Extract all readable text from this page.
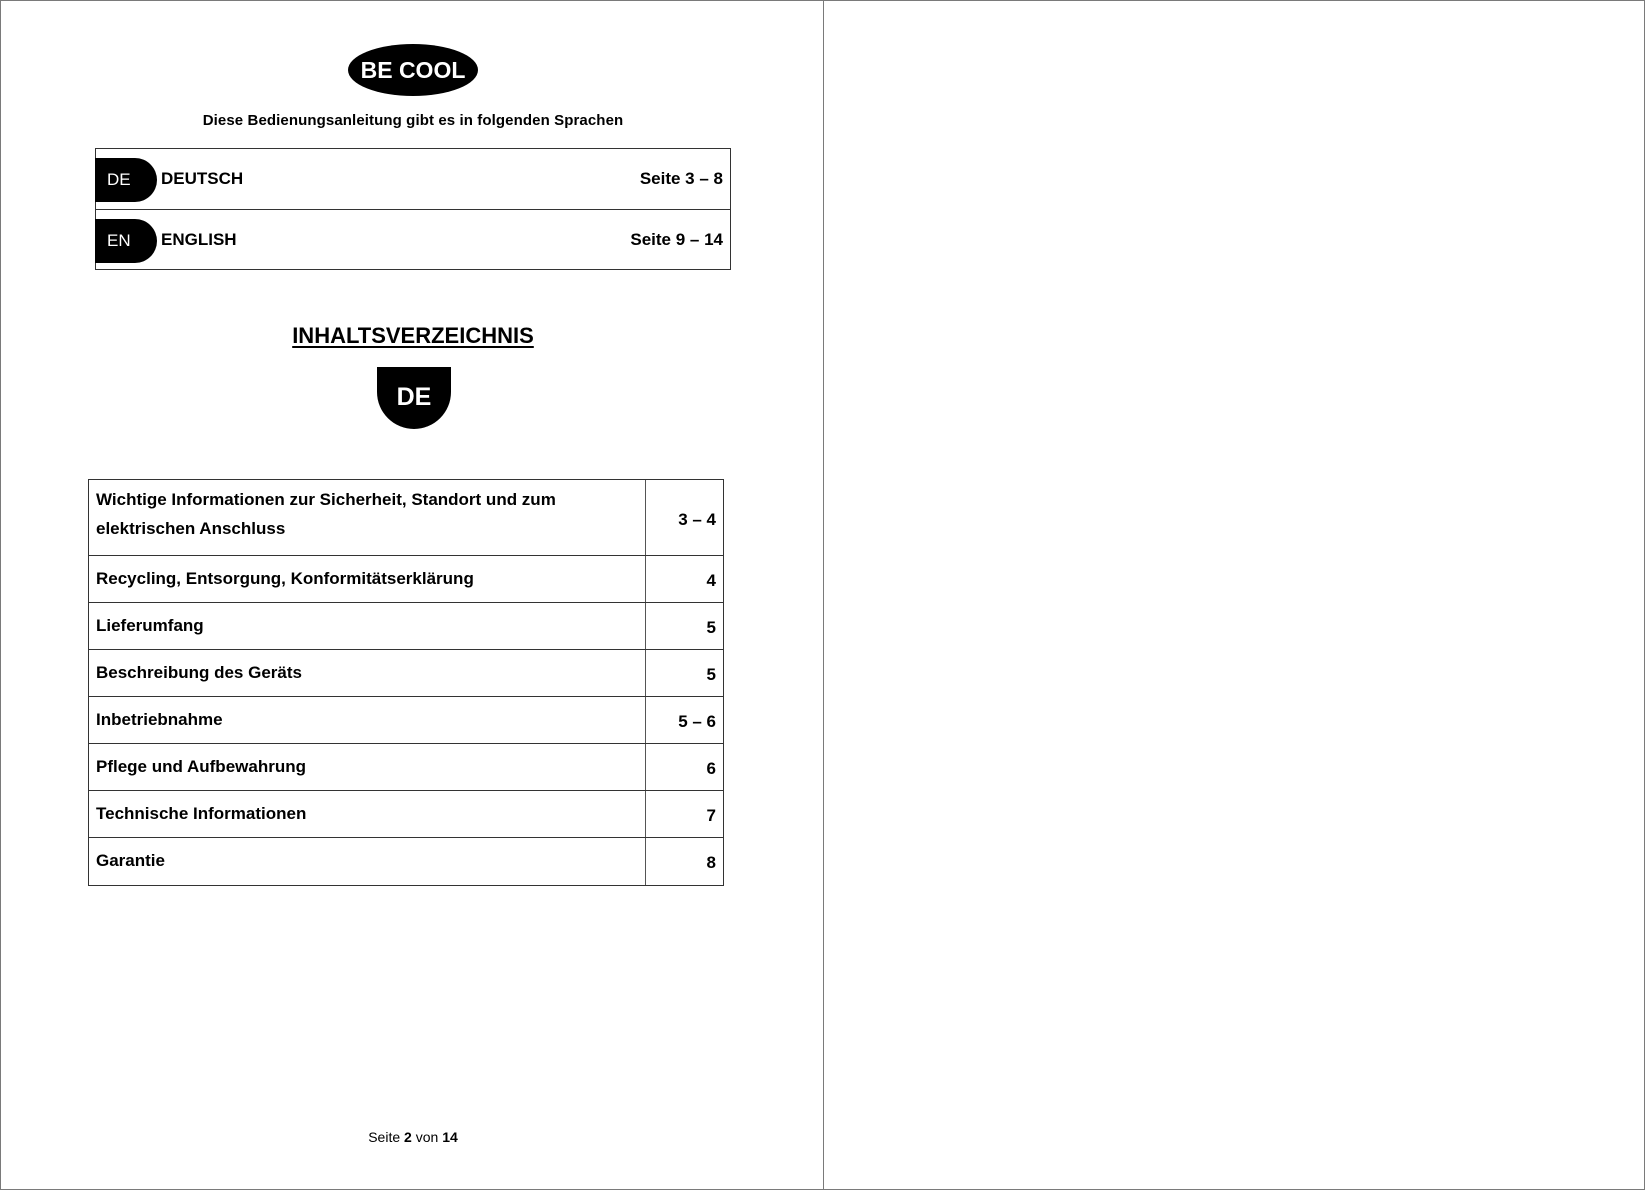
BE COOL
Diese Bedienungsanleitung gibt es in folgenden Sprachen
DE	DEUTSCH	Seite 3 – 8
EN	ENGLISH	Seite 9 – 14
INHALTSVERZEICHNIS
DE
Wichtige Informationen zur Sicherheit, Standort und zum elektrischen Anschluss	3 – 4
Recycling, Entsorgung, Konformitätserklärung	4
Lieferumfang	5
Beschreibung des Geräts	5
Inbetriebnahme	5 – 6
Pflege und Aufbewahrung	6
Technische Informationen	7
Garantie	8
Seite 2 von 14
